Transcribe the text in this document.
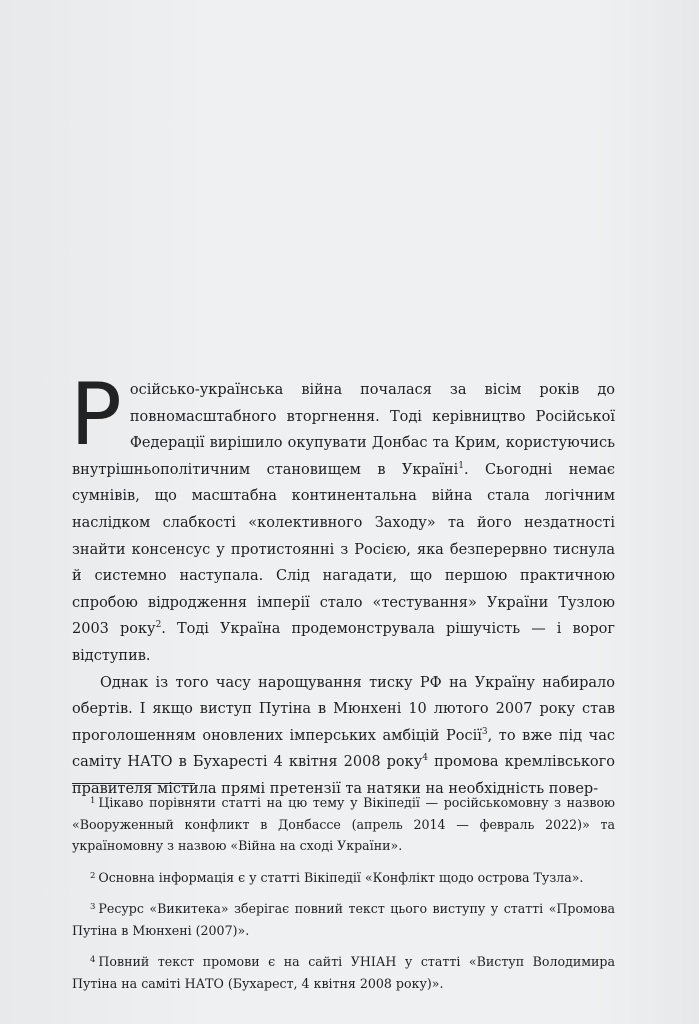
Російсько-українська війна почалася за вісім років до повномасштабного вторгнення. Тоді керівництво Російської Федерації вирішило окупувати Донбас та Крим, користуючись внутрішньополітичним становищем в Україні$^1$. Сьогодні немає сумнівів, що масштабна континентальна війна стала логічним наслідком слабкості «колективного Заходу» та його нездатності знайти консенсус у протистоянні з Росією, яка безперервно тиснула й системно наступала. Слід нагадати, що першою практичною спробою відродження імперії стало «тестування» України Тузлою 2003 року$^2$. Тоді Україна продемонструвала рішучість — і ворог відступив.

Однак із того часу нарощування тиску РФ на Україну набирало обертів. І якщо виступ Путіна в Мюнхені 10 лютого 2007 року став проголошенням оновлених імперських амбіцій Росії$^3$, то вже під час саміту НАТО в Бухаресті 4 квітня 2008 року$^4$ промова кремлівського правителя містила прямі претензії та натяки на необхідність повер-

$^1$ Цікаво порівняти статті на цю тему у Вікіпедії — російськомовну з назвою «Вооруженный конфликт в Донбассе (апрель 2014 — февраль 2022)» та україномовну з назвою «Війна на сході України».

$^2$ Основна інформація є у статті Вікіпедії «Конфлікт щодо острова Тузла».

$^3$ Ресурс «Викитека» зберігає повний текст цього виступу у статті «Промова Путіна в Мюнхені (2007)».

$^4$ Повний текст промови є на сайті УНІАН у статті «Виступ Володимира Путіна на саміті НАТО (Бухарест, 4 квітня 2008 року)».
